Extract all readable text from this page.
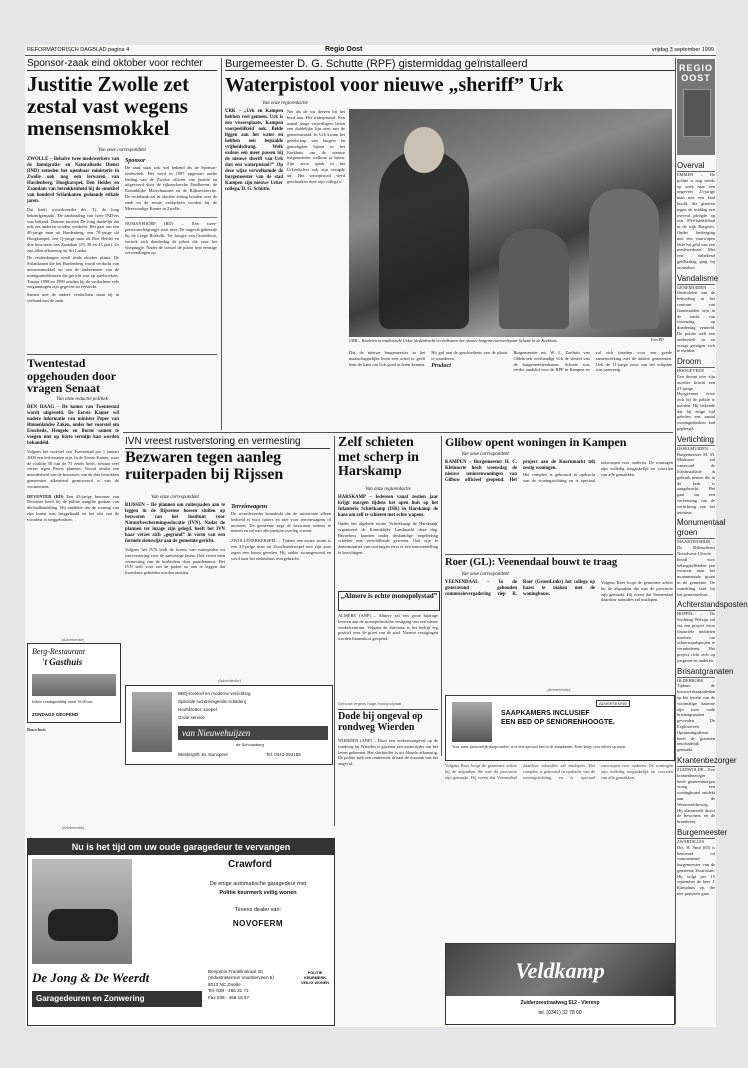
REFORMATORISCH DAGBLAD pagina 4	Regio Oost	vrijdag 3 september 1999
Sponsor-zaak eind oktober voor rechter
Justitie Zwolle zet zestal vast wegens mensensmokkel
Van onze correspondent
ZWOLLE – Behalve twee medewerkers van de Immigratie- en Naturalisatie Dienst (IND) zetteden het openbaar ministerie in Zwolle ook nog een lerwaren van Hardenberg, Hoogkarspel, Den Helder en Zaandam van betrokkenheid bij de smokkel van honderd Srilankanen gedaonde etikale jaren.
Dat heeft woordvoerder drs. Tj. de Jong bekendgemaakt. De aanhouding van twee IND'ers was bekend. Daarom moeten De Jong duidelijk dat ook zes anderen worden verdacht. Het gaat om een 40-jarige man uit Hardenberg, een 70-jarige uit Hoogkarspel, een Q-jarige man uit Den Helder en drie bewoners van Zaandam (29, 38 en 43 jaar). Ze zijn allen afkomstig uit Sri Lanka.
De verdenkingen vindt sinds oktober plaats. De Srilankanen die het Hardenberg wordt verdacht van mensensmokkel en van de ambtenaren van de immigratiediensten die gericht was op asielzoekers. Tussen 1998 en 1999 zouden bij de verdachten vele vergunningen zijn gegeven en verstrekt.
Samen met de andere verdachten staan zij in verband met de zaak.
Sponsor
De zaak staat ook wel bekend als de Sponsor-onderzoek. Het werd in 1997 opgestart onder leiding van de Zwolse officier van justitie en uitgevoerd door de rijksrecherche Eindhoven, de Koninklijke Marechaussee en de Rijksrecherche. De rechtbank zal in oktober zitting houden over de zaak en de eerste verdachten worden bij de Meervoudige Kamer in Zwolle.
NUMANSDORP (RD) – Een twee-persoonsvliegtuigje stort neer. De ongeval gebeurde bij de Leege Roskolk. Ter hoogte van Oosterhout, vertrok zich donderdag de piloot die voor het vliegtuigje. Nader de toestel de piloot liep ernstige verwondingen op.
Twentestad opgehouden door vragen Senaat
Van onze redactie politiek
DEN HAAG – De komst van Twentestad wordt uitgesteld. De Eerste Kamer wil nadere informatie van minister Peper van Binnenlandse Zaken, onder het voorstel om Enschede, Hengelo en Borne samen te voegen niet op korte termijn kan worden behandeld.
Volgens het voorstel zou Twentestad per 1 januari 2000 een feit moeten zijn. In de Eerste Kamer, waar de coalitie 38 van de 75 zetels heeft, bestaat veel verzet tegen Peters plannen. Vooral omdat een meerderheid van de bewoners van de drie betrokken gemeenten afkeurend geantwoord is van de voornemens.
DEVENTER (RD) Een 43-jarige bewoner van Deventer heeft bij de politie aangifte gedaan van diefstalhandeling. Hij ontdekte dat de woning van zijn buren was leeggehaald en het slot van de voordeur is weggebroken.
Burgemeester D. G. Schutte (RPF) gistermiddag geïnstalleerd
Waterpistool voor nieuwe „sheriff” Urk
Van onze regioredactie
URK – „Urk en Kampen hebben veel gemeen. Urk is een vissersplaats, Kampen voorpeeldkeid ook. Beide liggen aan het water en hebben een bepaalde vrijheidsdrang. Welk exdoos een meer passen bij de nieuwe sheriff van Urk dan een waterpistool?” Op deze wijze verwelkomde de burgemeester van de stad Kampen zijn nieuwe Urker collega, D. G. Schutte.
Net als de vis dreven bij het bord aan. Het waterpistool. Een aantal jonge vrijwilligers lieten een duidelijke lijn zien aan de gemeenteraad. In Urk kwam het gezelschap van burgers en genodigden bijeen in het Kerkhuis om de nieuwe burgemeester welkom te heten. Zijn zoon sprak in het Urkerdialect ook zijn vreugde uit. Het waterpistool werd geschonken door zijn collega's.
URK – Kinderen in traditionele Urker klederdracht verwelkomen het nieuwe burgemeestersechtpaar Schutte in de Kerkhuis.	Foto RD
Dat de nieuwe burgemeester in het maatschappelijke leven zeer actief is, geeft hem de kans om Urk goed te leren kennen. Hij gaf aan de geschiedenis van de plaats te waarderen.
Product
Burgemeester mr. W. L. Zarthuis van Oldebroek overhandigt Urk de sleutel van de burgemeesterskamer. Schutte was eerder raadslid voor de RPF in Kampen en zal zich inzetten voor een goede samenwerking met de andere gemeenten. Ook de 11-jarige zoon van het echtpaar was aanwezig.
REGIO OOST
Overval
EMMEN – De politie is nog steeds op zoek naar een ongeveer 25-jarige man met een kaal hoofd, die gisteren tegen de middag een overval pleegde op een SNS-bankfiliaal in de wijk Bargeres. Onder bedreiging met een vuurwapen eiste hij geld van een medewerkster. Met een onbekend geldbedrag ging hij ervandoor.
Vandalisme
GENEMUIDEN – Onderdelen van de bebording in het centrum van Genemuiden zijn in de nacht van woensdag op donderdag vernield. De politie stelt een onderzoek in en vraagt getuigen zich te melden.
Droom
HOOGEVEEN – Een droom over zijn moeder bracht een 21-jarige Hoogevener ertoe zich bij de politie te melden. Hij bekende dat hij enige tijd geleden een aantal woninginbraken had gepleegd.
Verlichting
IJSSELMUIDEN – Burgemeester M. M. Markusse zal vanavond de lichtinstallatie in gebruik nemen die in de kerk is aangebracht. Het gaat om een verbetering van de verlichting van het interieur.
Monumentaal groen
MAARTENSDIJK – De Milieudienst Noordwest-Utrecht houdt voor belangstellenden een excursie naar het monumentale groen in de gemeente. De wandeling start bij het gemeentehuis.
Achterstandsposten
HOPPEL – De Stichting Welzijn zal via een project extra financiële middelen inzetten om achterstandsposten te verminderen. Het project richt zich op jongeren en ouderen.
Brisantgranaten
OLDEBROEK – Tijdens de bouwwerkzaamheden op het terrein van de voormalige kazerne zijn twee oude brisantgranaten gevonden. De Explosieven Opruimingsdienst heeft de granaten onschadelijk gemaakt.
Krantenbezorger
ZUIDWOLDE – Een krantenbezorger heeft gisterenmorgen vroeg een woningbrand ontdekt aan de Westerveldseweg. Hij alarmeerde direct de bewoners en de brandweer.
Burgemeester
ZWARTSLUIS – Drs. H. Smit (65) is benoemd tot waarnemend burgemeester van de gemeente Zwartsluis. Hij volgt per 15 september de heer J. Kamphuis op, die met pensioen gaat.
IVN vreest rustverstoring en vermesting
Bezwaren tegen aanleg ruiterpaden bij Rijssen
Van onze correspondent
RIJSSEN – De plannen om ruiterpaden aan te leggen in de Rijssense bossen stuiten op bezwaren van het Instituut voor Natuurbeschermingseducatie (IVN). Nadat de plannen ter inzage zijn gelegd, heeft het IVN haar verzet zich „gegrond” in vorm van een formele zienswijze aan de gemeente gericht.
Volgens het IVN leidt de komst van ruiterpaden tot rustverstoring voor de aanwezige fauna. Ook vreest men vermesting van de bosbodem door paardenmest. Het IVN stelt voor om de paden zo aan te leggen dat kwetsbare gebieden worden ontzien.
Terreinwagens
De woordvoerder benadrukt dat de ruiterroute alleen bedoeld is voor ruiters en niet voor terreinwagens of motoren. De gemeente zegt de bezwaren serieus te nemen en zal met alle partijen overleg voeren.
ZWOLLENERKERSPEL – Tijdens een zware storm is een 25-jarige man uit Zwollenerkerspel met zijn auto tegen een boom gereden. Hij raakte zwaargewond en werd naar het ziekenhuis overgebracht.
Zelf schieten met scherp in Harskamp
Van onze regioredactie
HARSKAMP – Iedereen vanaf zestien jaar krijgt morgen tijdens het open huis op het Infanterie Schietkamp (ISK) in Harskamp de kans om zelf te schieten met echte wapens.
Onder het algehele motto 'Schietkamp de Harskamp' organiseert de Koninklijke Landmacht deze dag. Bezoekers kunnen onder deskundige begeleiding schieten met verschillende geweren. Ook zijn er demonstraties van voertuigen en is er een tentoonstelling te bezichtigen.
„Almere is echte monopolystad”
ALMERE (ANP) – Almere zal een grote bijdrage leveren aan de monopolistische vestiging van een nieuw winkelcentrum. Volgens de directeur is het bedrijf erg positief over de groei van de stad. Nieuwe vestigingen worden binnenkort geopend.
Gebouw ergens hoge monopolytaat
Dode bij ongeval op rondweg Wierden
WIERDEN (ANP) – Door een verkeersongeval op de rondweg bij Wierden is gisteren een motorrijder om het leven gekomen. Het slachtoffer is uit Almelo afkomstig. De politie stelt een onderzoek in naar de oorzaak van het ongeval.
Glibow opent woningen in Kampen
Van onze correspondent
KAMPEN – Burgemeester H. C. Kleinsorte heeft woensdag de nieuwe seniorenwoningen van Gilbow officieel geopend. Het project aan de Koornmarkt telt zestig woningen.
Het complex is gebouwd in opdracht van de woningstichting en is speciaal ontworpen voor ouderen. De woningen zijn volledig toegankelijk en voorzien van alle gemakken.
Roer (GL): Veenendaal bouwt te traag
Van onze correspondent
VEENENDAAL – In de gisteravond gehouden commissievergadering riep R. Roer (GroenLinks) het college op haast te maken met de woningbouw.
Volgens Roer loopt de gemeente achter bij de afspraken die met de provincie zijn gemaakt. Hij vreest dat Veenendaal daardoor subsidies zal mislopen.
(Advertentie)
Berg-Restaurant
't Gasthuis
Iedere zondagmiddag vanaf 16.00 uur
ZONDAGS GEOPEND
(Advertentie)
BBQ-Koelcel en moderne verlichting
Speciale luchtreinigende schilderij
Hoofdzetter, koepel
Grote service
van Nieuwehuijzen
de Schouwborg
Westergrift 16, Nunspeet	Tel. 0341-252155
Nu is het tijd om uw oude garagedeur te vervangen
Crawford
De enige automatische garagedeur met
Politie keurmerk veilig wonen
Tevens dealer van:
NOVOFERM
De Jong & De Weerdt
Garagedeuren en Zonwering
Benjamin Franklinstraat 20
(Industrieterrein Voorsterveen 5)
8013 NC Zwolle
Tel. 038 - 465 31 71
Fax 038 - 466 18 57
POLITIE KEURMERK VEILIG WONEN
(Advertentie)
ADVERTENTIE
SAAPKAMERS INCLUSIEF
EEN BED OP SENIORENHOOGTE.
Voor meer persoonlijk slaapcomfort is er een speciaal bed in de slaapkamer. Kom langs voor advies op maat.
Veldkamp
Zuiderzeestraatweg 512 - Vierenp
tel. (0341) 32 78 60
Volgens Roer loopt de gemeente achter bij de afspraken die met de provincie zijn gemaakt. Hij vreest dat Veenendaal daardoor subsidies zal mislopen. Het complex is gebouwd in opdracht van de woningstichting en is speciaal ontworpen voor ouderen. De woningen zijn volledig toegankelijk en voorzien van alle gemakken.
(Advertentie)
Bouwhuis
